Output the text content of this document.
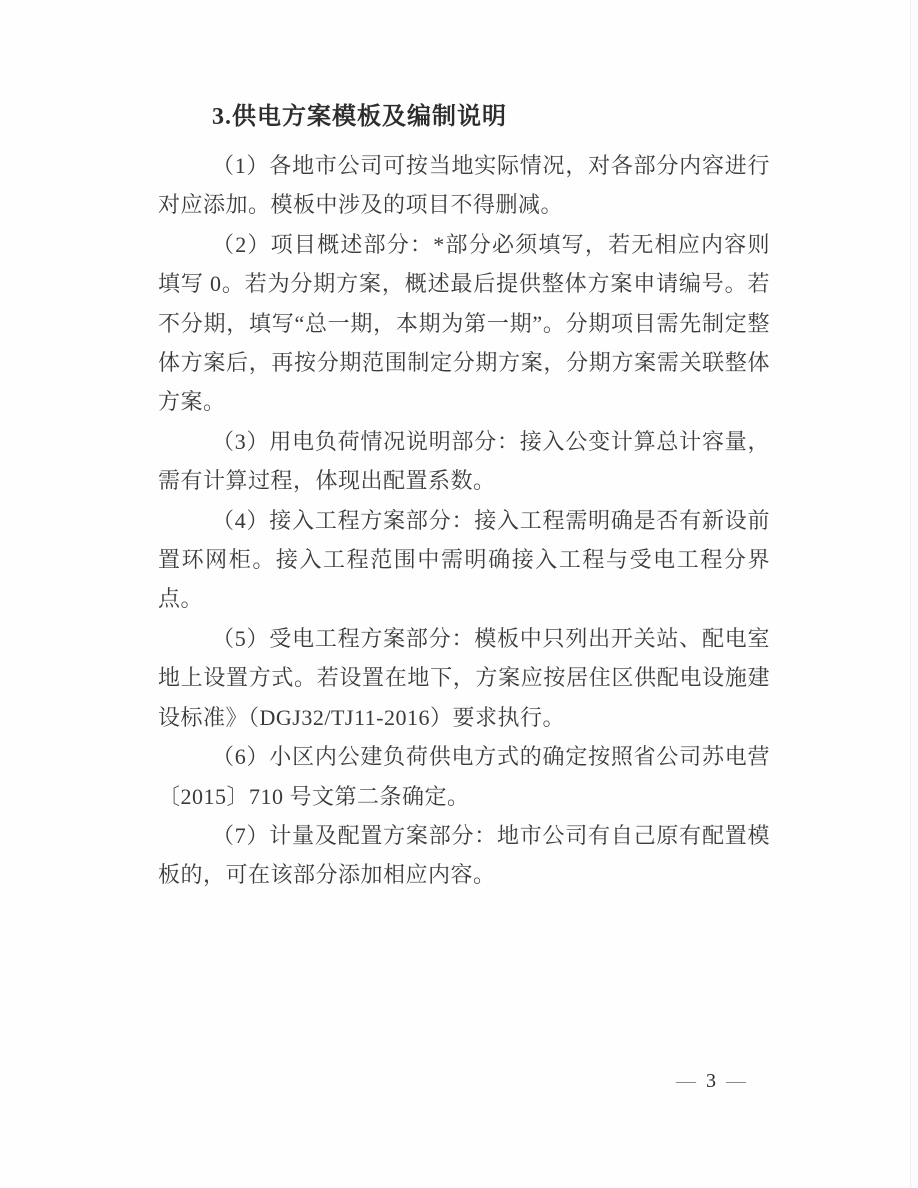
3.供电方案模板及编制说明

（1）各地市公司可按当地实际情况，对各部分内容进行对应添加。模板中涉及的项目不得删减。

（2）项目概述部分：*部分必须填写，若无相应内容则填写 0。若为分期方案，概述最后提供整体方案申请编号。若不分期，填写“总一期，本期为第一期”。分期项目需先制定整体方案后，再按分期范围制定分期方案，分期方案需关联整体方案。

（3）用电负荷情况说明部分：接入公变计算总计容量，需有计算过程，体现出配置系数。

（4）接入工程方案部分：接入工程需明确是否有新设前置环网柜。接入工程范围中需明确接入工程与受电工程分界点。

（5）受电工程方案部分：模板中只列出开关站、配电室地上设置方式。若设置在地下，方案应按居住区供配电设施建设标准》（DGJ32/TJ11-2016）要求执行。

（6）小区内公建负荷供电方式的确定按照省公司苏电营〔2015〕710 号文第二条确定。

（7）计量及配置方案部分：地市公司有自己原有配置模板的，可在该部分添加相应内容。

— 3 —
